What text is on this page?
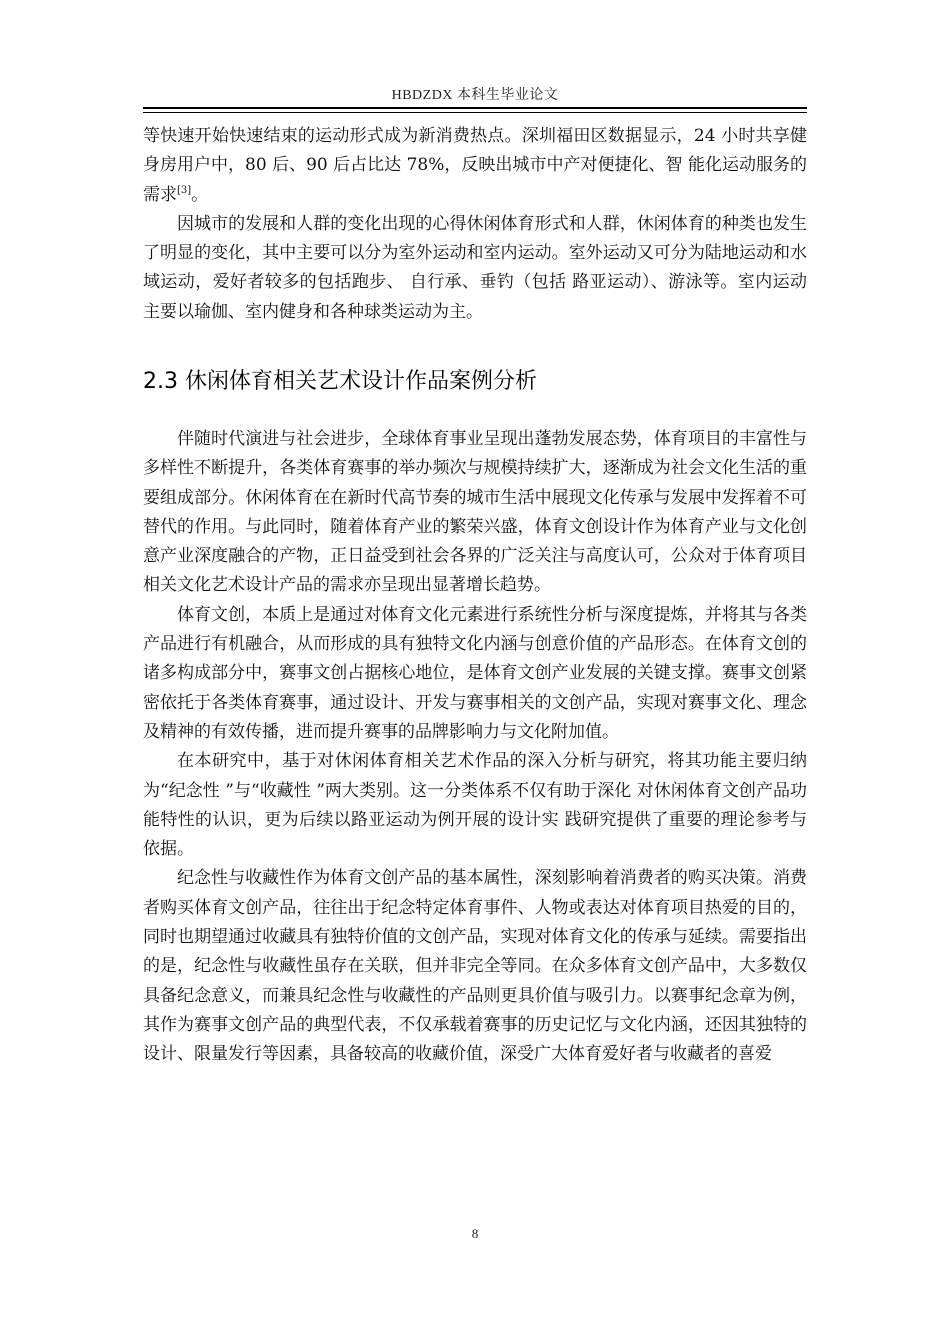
HBDZDX 本科生毕业论文

等快速开始快速结束的运动形式成为新消费热点。深圳福田区数据显示，24 小时共享健身房用户中，80 后、90 后占比达 78%，反映出城市中产对便捷化、智 能化运动服务的需求[3]。

因城市的发展和人群的变化出现的心得休闲体育形式和人群，休闲体育的种类也发生了明显的变化，其中主要可以分为室外运动和室内运动。室外运动又可分为陆地运动和水域运动，爱好者较多的包括跑步、 自行承、垂钓（包括 路亚运动）、游泳等。室内运动主要以瑜伽、室内健身和各种球类运动为主。

2.3 休闲体育相关艺术设计作品案例分析

伴随时代演进与社会进步，全球体育事业呈现出蓬勃发展态势，体育项目的丰富性与多样性不断提升，各类体育赛事的举办频次与规模持续扩大，逐渐成为社会文化生活的重要组成部分。休闲体育在在新时代高节奏的城市生活中展现文化传承与发展中发挥着不可替代的作用。与此同时，随着体育产业的繁荣兴盛，体育文创设计作为体育产业与文化创意产业深度融合的产物，正日益受到社会各界的广泛关注与高度认可，公众对于体育项目相关文化艺术设计产品的需求亦呈现出显著增长趋势。

体育文创，本质上是通过对体育文化元素进行系统性分析与深度提炼，并将其与各类产品进行有机融合，从而形成的具有独特文化内涵与创意价值的产品形态。在体育文创的诸多构成部分中，赛事文创占据核心地位，是体育文创产业发展的关键支撑。赛事文创紧密依托于各类体育赛事，通过设计、开发与赛事相关的文创产品，实现对赛事文化、理念及精神的有效传播，进而提升赛事的品牌影响力与文化附加值。

在本研究中，基于对休闲体育相关艺术作品的深入分析与研究，将其功能主要归纳为“纪念性 ”与“收藏性 ”两大类别。这一分类体系不仅有助于深化 对休闲体育文创产品功能特性的认识，更为后续以路亚运动为例开展的设计实 践研究提供了重要的理论参考与依据。

纪念性与收藏性作为体育文创产品的基本属性，深刻影响着消费者的购买决策。消费者购买体育文创产品，往往出于纪念特定体育事件、人物或表达对体育项目热爱的目的，同时也期望通过收藏具有独特价值的文创产品，实现对体育文化的传承与延续。需要指出的是，纪念性与收藏性虽存在关联，但并非完全等同。在众多体育文创产品中，大多数仅具备纪念意义，而兼具纪念性与收藏性的产品则更具价值与吸引力。以赛事纪念章为例，其作为赛事文创产品的典型代表，不仅承载着赛事的历史记忆与文化内涵，还因其独特的设计、限量发行等因素，具备较高的收藏价值，深受广大体育爱好者与收藏者的喜爱

8
